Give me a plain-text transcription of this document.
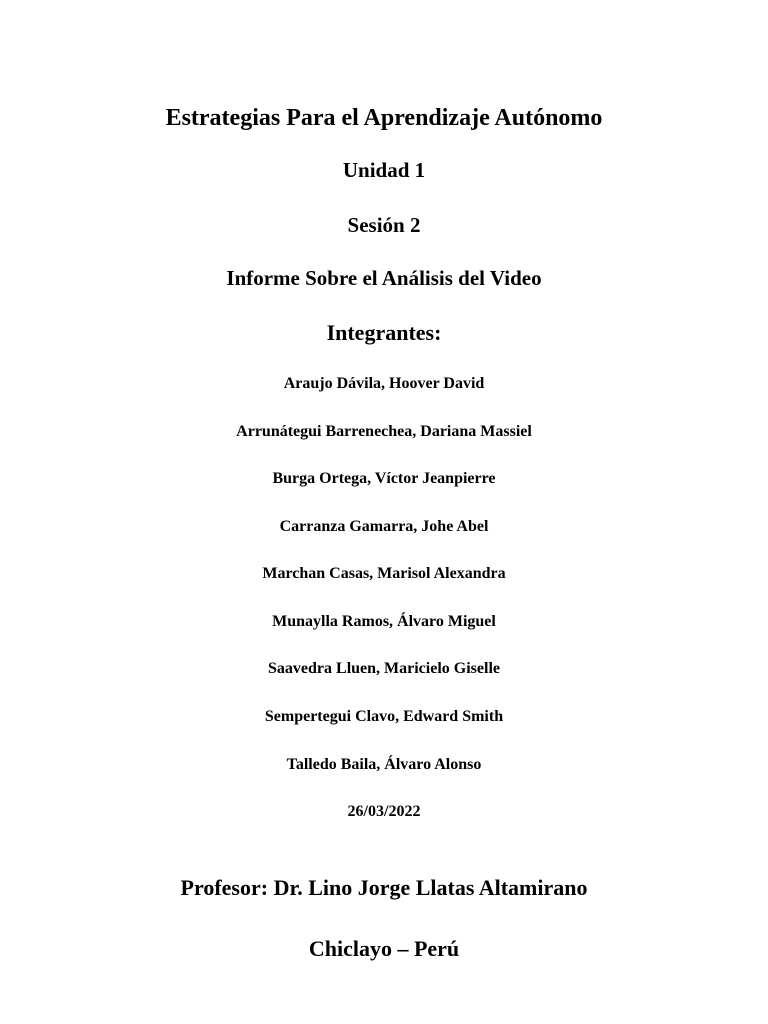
Estrategias Para el Aprendizaje Autónomo
Unidad 1
Sesión 2
Informe Sobre el Análisis del Video
Integrantes:
Araujo Dávila, Hoover David
Arrunátegui Barrenechea, Dariana Massiel
Burga Ortega, Víctor Jeanpierre
Carranza Gamarra, Johe Abel
Marchan Casas, Marisol Alexandra
Munaylla Ramos, Álvaro Miguel
Saavedra Lluen, Maricielo Giselle
Sempertegui Clavo, Edward Smith
Talledo Baila, Álvaro Alonso
26/03/2022
Profesor: Dr. Lino Jorge Llatas Altamirano
Chiclayo – Perú
